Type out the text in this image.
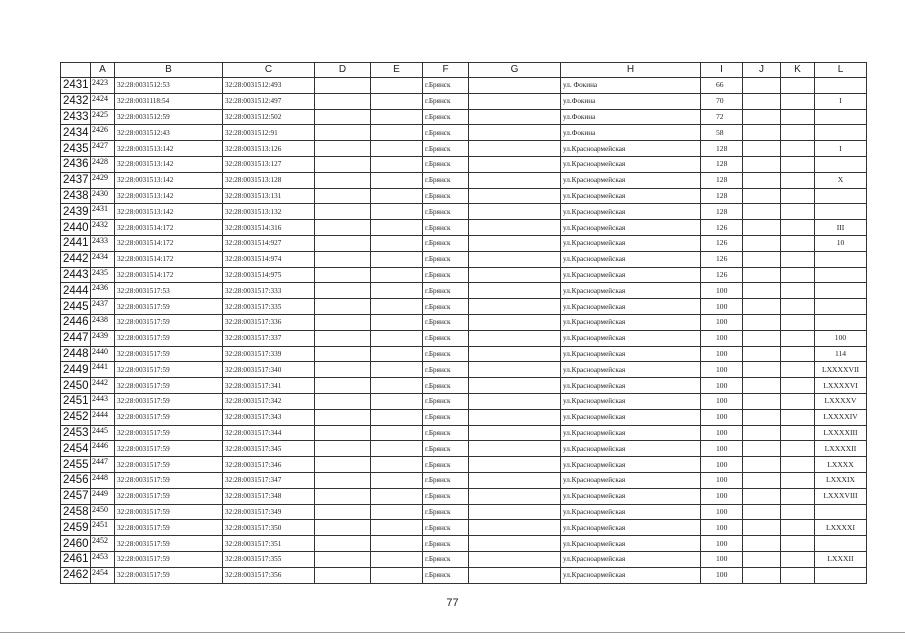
	A	B	C	D	E	F	G	H	I	J	K	L
2431	2423	32:28:0031512:53	32:28:0031512:493			г.Брянск		ул. Фокина	66			
2432	2424	32:28:0031118:54	32:28:0031512:497			г.Брянск		ул.Фокина	70			I
2433	2425	32:28:0031512:59	32:28:0031512:502			г.Брянск		ул.Фокина	72			
2434	2426	32:28:0031512:43	32:28:0031512:91			г.Брянск		ул.Фокина	58			
2435	2427	32:28:0031513:142	32:28:0031513:126			г.Брянск		ул.Красноармейская	128			I
2436	2428	32:28:0031513:142	32:28:0031513:127			г.Брянск		ул.Красноармейская	128			
2437	2429	32:28:0031513:142	32:28:0031513:128			г.Брянск		ул.Красноармейская	128			X
2438	2430	32:28:0031513:142	32:28:0031513:131			г.Брянск		ул.Красноармейская	128			
2439	2431	32:28:0031513:142	32:28:0031513:132			г.Брянск		ул.Красноармейская	128			
2440	2432	32:28:0031514:172	32:28:0031514:316			г.Брянск		ул.Красноармейская	126			III
2441	2433	32:28:0031514:172	32:28:0031514:927			г.Брянск		ул.Красноармейская	126			10
2442	2434	32:28:0031514:172	32:28:0031514:974			г.Брянск		ул.Красноармейская	126			
2443	2435	32:28:0031514:172	32:28:0031514:975			г.Брянск		ул.Красноармейская	126			
2444	2436	32:28:0031517:53	32:28:0031517:333			г.Брянск		ул.Красноармейская	100			
2445	2437	32:28:0031517:59	32:28:0031517:335			г.Брянск		ул.Красноармейская	100			
2446	2438	32:28:0031517:59	32:28:0031517:336			г.Брянск		ул.Красноармейская	100			
2447	2439	32:28:0031517:59	32:28:0031517:337			г.Брянск		ул.Красноармейская	100			100
2448	2440	32:28:0031517:59	32:28:0031517:339			г.Брянск		ул.Красноармейская	100			114
2449	2441	32:28:0031517:59	32:28:0031517:340			г.Брянск		ул.Красноармейская	100			LXXXXVII
2450	2442	32:28:0031517:59	32:28:0031517:341			г.Брянск		ул.Красноармейская	100			LXXXXVI
2451	2443	32:28:0031517:59	32:28:0031517:342			г.Брянск		ул.Красноармейская	100			LXXXXV
2452	2444	32:28:0031517:59	32:28:0031517:343			г.Брянск		ул.Красноармейская	100			LXXXXIV
2453	2445	32:28:0031517:59	32:28:0031517:344			г.Брянск		ул.Красноармейская	100			LXXXXIII
2454	2446	32:28:0031517:59	32:28:0031517:345			г.Брянск		ул.Красноармейская	100			LXXXXII
2455	2447	32:28:0031517:59	32:28:0031517:346			г.Брянск		ул.Красноармейская	100			LXXXX
2456	2448	32:28:0031517:59	32:28:0031517:347			г.Брянск		ул.Красноармейская	100			LXXXIX
2457	2449	32:28:0031517:59	32:28:0031517:348			г.Брянск		ул.Красноармейская	100			LXXXVIII
2458	2450	32:28:0031517:59	32:28:0031517:349			г.Брянск		ул.Красноармейская	100			
2459	2451	32:28:0031517:59	32:28:0031517:350			г.Брянск		ул.Красноармейская	100			LXXXXI
2460	2452	32:28:0031517:59	32:28:0031517:351			г.Брянск		ул.Красноармейская	100			
2461	2453	32:28:0031517:59	32:28:0031517:355			г.Брянск		ул.Красноармейская	100			LXXXII
2462	2454	32:28:0031517:59	32:28:0031517:356			г.Брянск		ул.Красноармейская	100			
77
